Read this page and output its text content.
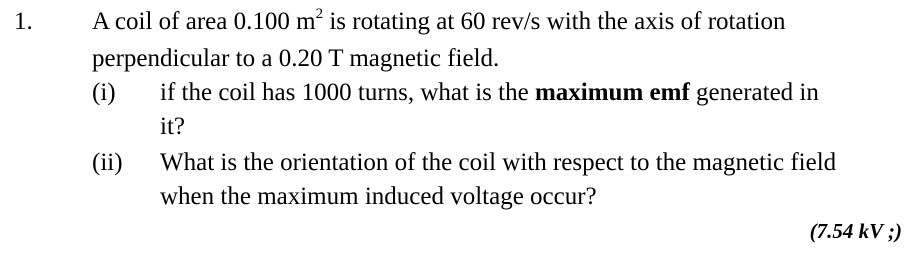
1. A coil of area 0.100 $m^2$ is rotating at 60 rev/s with the axis of rotation
perpendicular to a 0.20 T magnetic field.
(i) if the coil has 1000 turns, what is the maximum emf generated in
it?
(ii) What is the orientation of the coil with respect to the magnetic field
when the maximum induced voltage occur?
(7.54 kV ;)
